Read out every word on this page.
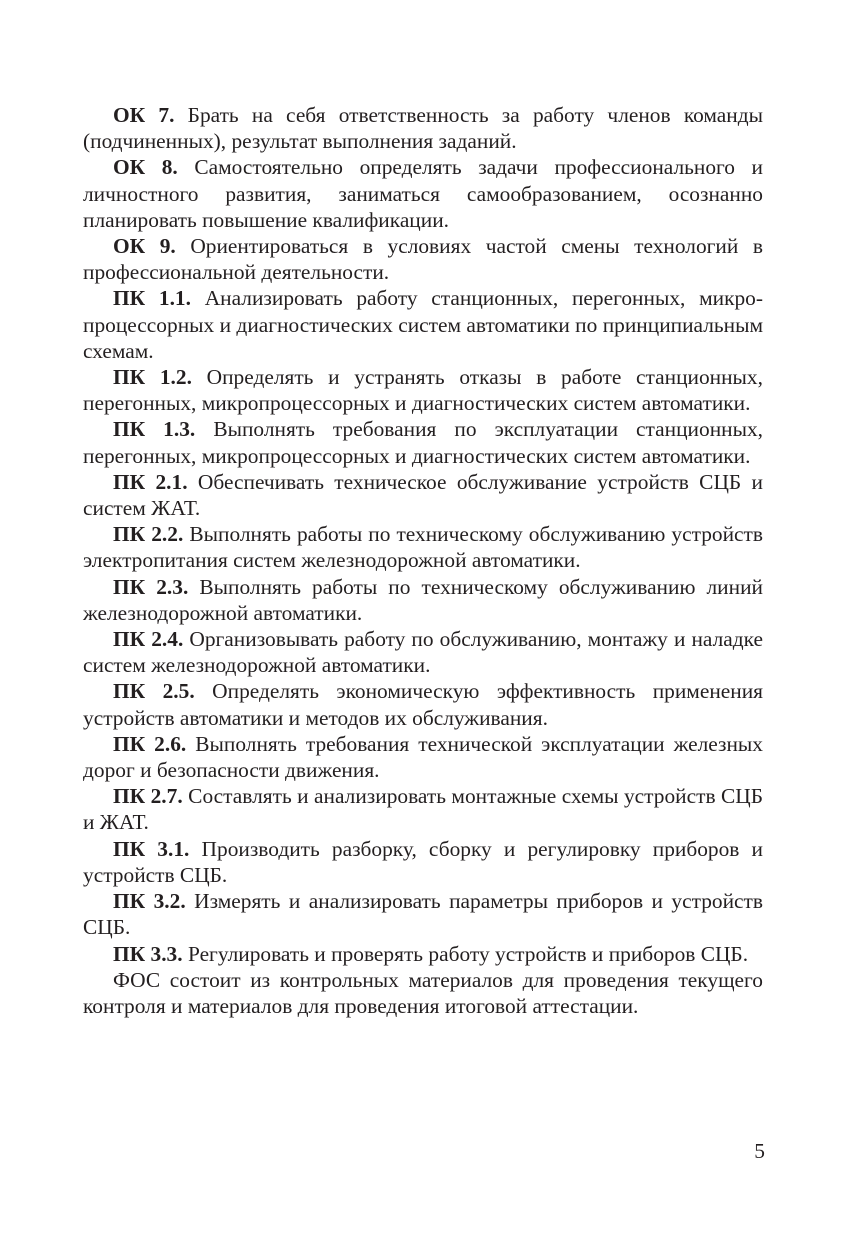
ОК 7. Брать на себя ответственность за работу членов команды (подчиненных), результат выполнения заданий.

ОК 8. Самостоятельно определять задачи профессионального и личностного развития, заниматься самообразованием, осознанно планировать повышение квалификации.

ОК 9. Ориентироваться в условиях частой смены технологий в профессиональной деятельности.

ПК 1.1. Анализировать работу станционных, перегонных, микропроцессорных и диагностических систем автоматики по принципиальным схемам.

ПК 1.2. Определять и устранять отказы в работе станционных, перегонных, микропроцессорных и диагностических систем автоматики.

ПК 1.3. Выполнять требования по эксплуатации станционных, перегонных, микропроцессорных и диагностических систем автоматики.

ПК 2.1. Обеспечивать техническое обслуживание устройств СЦБ и систем ЖАТ.

ПК 2.2. Выполнять работы по техническому обслуживанию устройств электропитания систем железнодорожной автоматики.

ПК 2.3. Выполнять работы по техническому обслуживанию линий железнодорожной автоматики.

ПК 2.4. Организовывать работу по обслуживанию, монтажу и наладке систем железнодорожной автоматики.

ПК 2.5. Определять экономическую эффективность применения устройств автоматики и методов их обслуживания.

ПК 2.6. Выполнять требования технической эксплуатации железных дорог и безопасности движения.

ПК 2.7. Составлять и анализировать монтажные схемы устройств СЦБ и ЖАТ.

ПК 3.1. Производить разборку, сборку и регулировку приборов и устройств СЦБ.

ПК 3.2. Измерять и анализировать параметры приборов и устройств СЦБ.

ПК 3.3. Регулировать и проверять работу устройств и приборов СЦБ.

ФОС состоит из контрольных материалов для проведения текущего контроля и материалов для проведения итоговой аттестации.

5
